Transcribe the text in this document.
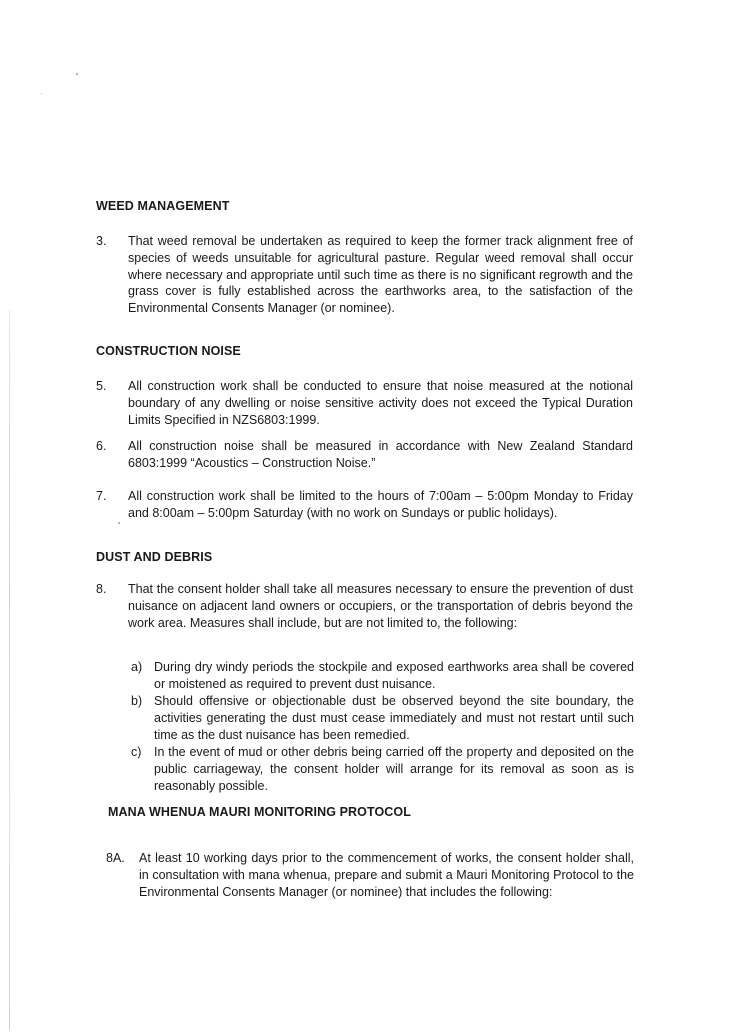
WEED MANAGEMENT
3. That weed removal be undertaken as required to keep the former track alignment free of species of weeds unsuitable for agricultural pasture. Regular weed removal shall occur where necessary and appropriate until such time as there is no significant regrowth and the grass cover is fully established across the earthworks area, to the satisfaction of the Environmental Consents Manager (or nominee).
CONSTRUCTION NOISE
5. All construction work shall be conducted to ensure that noise measured at the notional boundary of any dwelling or noise sensitive activity does not exceed the Typical Duration Limits Specified in NZS6803:1999.
6. All construction noise shall be measured in accordance with New Zealand Standard 6803:1999 “Acoustics – Construction Noise.”
7. All construction work shall be limited to the hours of 7:00am – 5:00pm Monday to Friday and 8:00am – 5:00pm Saturday (with no work on Sundays or public holidays).
DUST AND DEBRIS
8. That the consent holder shall take all measures necessary to ensure the prevention of dust nuisance on adjacent land owners or occupiers, or the transportation of debris beyond the work area. Measures shall include, but are not limited to, the following:
a) During dry windy periods the stockpile and exposed earthworks area shall be covered or moistened as required to prevent dust nuisance.
b) Should offensive or objectionable dust be observed beyond the site boundary, the activities generating the dust must cease immediately and must not restart until such time as the dust nuisance has been remedied.
c) In the event of mud or other debris being carried off the property and deposited on the public carriageway, the consent holder will arrange for its removal as soon as is reasonably possible.
MANA WHENUA MAURI MONITORING PROTOCOL
8A. At least 10 working days prior to the commencement of works, the consent holder shall, in consultation with mana whenua, prepare and submit a Mauri Monitoring Protocol to the Environmental Consents Manager (or nominee) that includes the following:
